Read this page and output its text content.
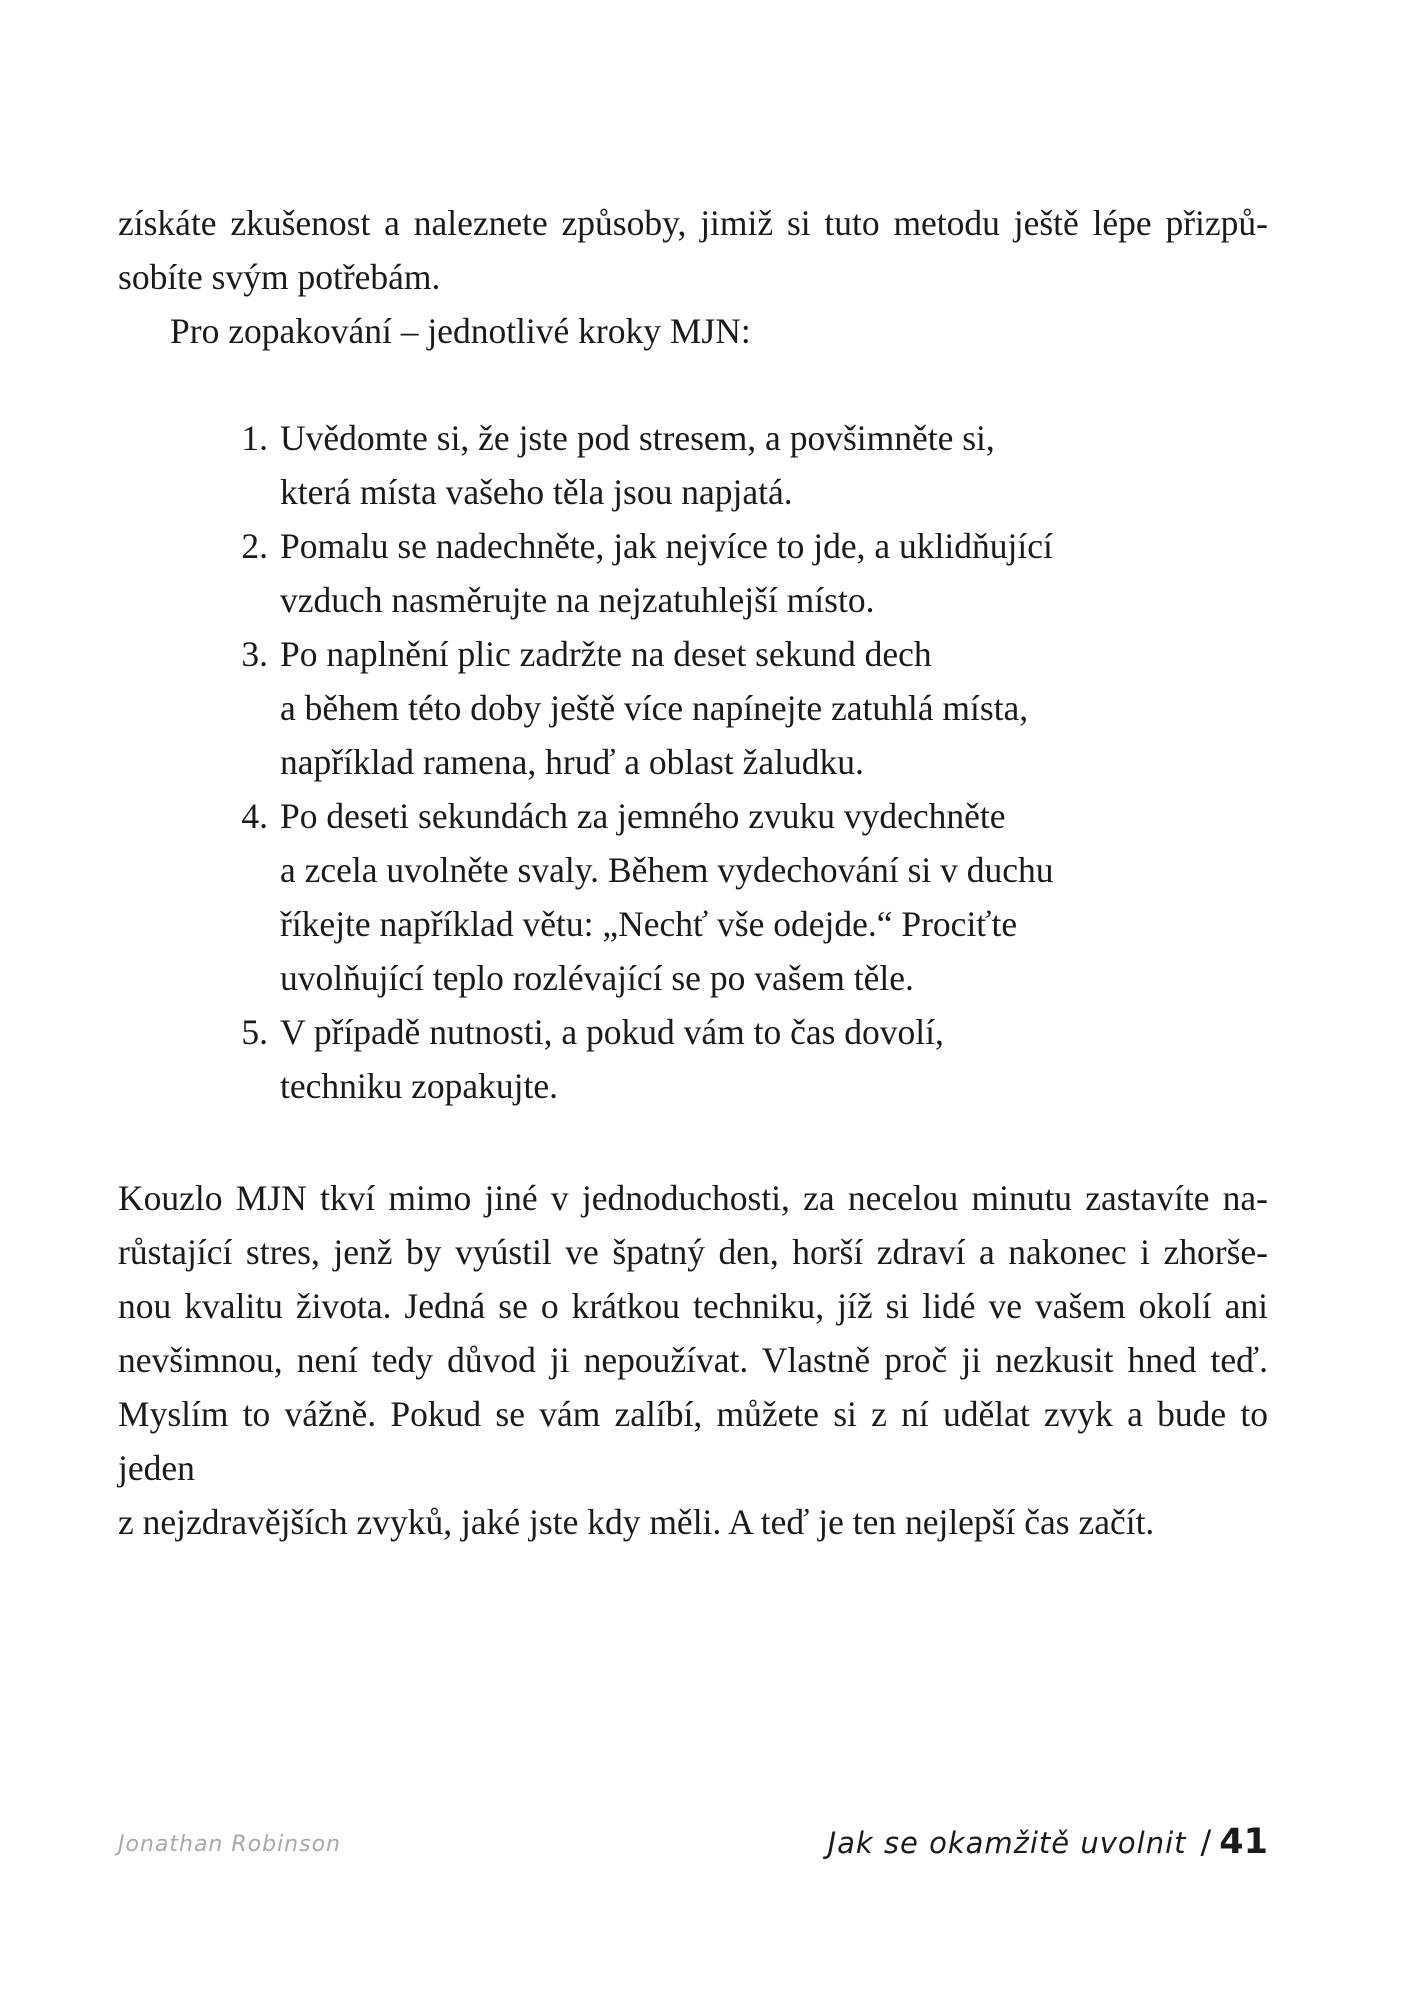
získáte zkušenost a naleznete způsoby, jimiž si tuto metodu ještě lépe přizpů-
sobíte svým potřebám.
Pro zopakování – jednotlivé kroky MJN:
1. Uvědomte si, že jste pod stresem, a povšimněte si,
která místa vašeho těla jsou napjatá.
2. Pomalu se nadechněte, jak nejvíce to jde, a uklidňující
vzduch nasměrujte na nejzatuhlejší místo.
3. Po naplnění plic zadržte na deset sekund dech
a během této doby ještě více napínejte zatuhlá místa,
například ramena, hruď a oblast žaludku.
4. Po deseti sekundách za jemného zvuku vydechněte
a zcela uvolněte svaly. Během vydechování si v duchu
říkejte například větu: „Nechť vše odejde.“ Prociťte
uvolňující teplo rozlévající se po vašem těle.
5. V případě nutnosti, a pokud vám to čas dovolí,
techniku zopakujte.
Kouzlo MJN tkví mimo jiné v jednoduchosti, za necelou minutu zastavíte na-
růstající stres, jenž by vyústil ve špatný den, horší zdraví a nakonec i zhorše-
nou kvalitu života. Jedná se o krátkou techniku, jíž si lidé ve vašem okolí ani
nevšimnou, není tedy důvod ji nepoužívat. Vlastně proč ji nezkusit hned teď.
Myslím to vážně. Pokud se vám zalíbí, můžete si z ní udělat zvyk a bude to jeden
z nejzdravějších zvyků, jaké jste kdy měli. A teď je ten nejlepší čas začít.
Jonathan Robinson	Jak se okamžitě uvolnit / 41
